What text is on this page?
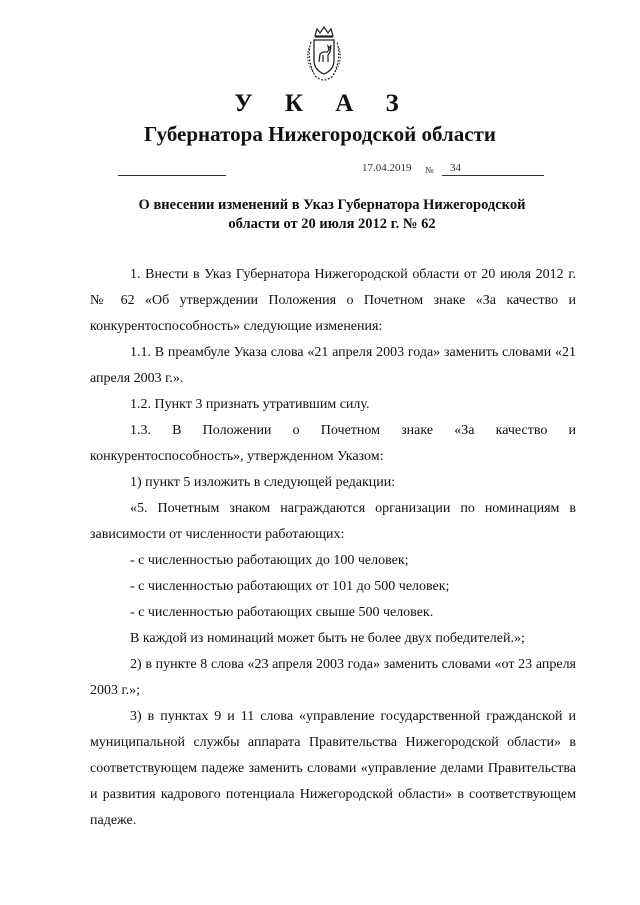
У К А З
Губернатора Нижегородской области
17.04.2019 № 34
О внесении изменений в Указ Губернатора Нижегородской
области от 20 июля 2012 г. № 62

1. Внести в Указ Губернатора Нижегородской области от 20 июля 2012 г. № 62 «Об утверждении Положения о Почетном знаке «За качество и конкурентоспособность» следующие изменения:

1.1. В преамбуле Указа слова «21 апреля 2003 года» заменить словами «21 апреля 2003 г.».

1.2. Пункт 3 признать утратившим силу.

1.3. В Положении о Почетном знаке «За качество и конкурентоспособность», утвержденном Указом:

1) пункт 5 изложить в следующей редакции:

«5. Почетным знаком награждаются организации по номинациям в зависимости от численности работающих:

- с численностью работающих до 100 человек;

- с численностью работающих от 101 до 500 человек;

- с численностью работающих свыше 500 человек.

В каждой из номинаций может быть не более двух победителей.»;

2) в пункте 8 слова «23 апреля 2003 года» заменить словами «от 23 апреля 2003 г.»;

3) в пунктах 9 и 11 слова «управление государственной гражданской и муниципальной службы аппарата Правительства Нижегородской области» в соответствующем падеже заменить словами «управление делами Правительства и развития кадрового потенциала Нижегородской области» в соответствующем падеже.
